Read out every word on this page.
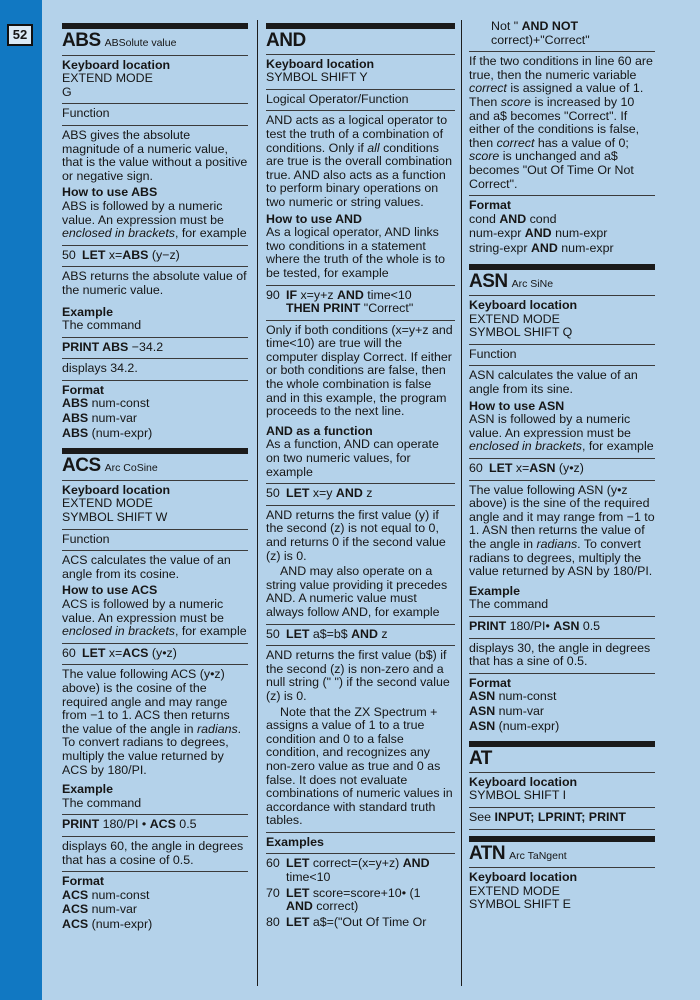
52	ABS ABSolute value
Keyboard location

EXTEND MODE
G

Function

ABS gives the absolute magnitude of a numeric value, that is the value without a positive or negative sign.

How to use ABS

ABS is followed by a numeric value. An expression must be enclosed in brackets, for example

50 LET x=ABS (y−z)

ABS returns the absolute value of the numeric value.

Example

The command

PRINT ABS −34.2

displays 34.2.

Format

ABS num-const

ABS num-var

ABS (num-expr)

ACS Arc CoSine
Keyboard location

EXTEND MODE
SYMBOL SHIFT W

Function

ACS calculates the value of an angle from its cosine.

How to use ACS

ACS is followed by a numeric value. An expression must be enclosed in brackets, for example

60 LET x=ACS (y•z)

The value following ACS (y•z) above) is the cosine of the required angle and may range from −1 to 1. ACS then returns the value of the angle in radians. To convert radians to degrees, multiply the value returned by ACS by 180/PI.

Example

The command

PRINT 180/PI • ACS 0.5

displays 60, the angle in degrees that has a cosine of 0.5.

Format

ACS num-const

ACS num-var

ACS (num-expr)

AND
Keyboard location

SYMBOL SHIFT Y

Logical Operator/Function

AND acts as a logical operator to test the truth of a combination of conditions. Only if all conditions are true is the overall combination true. AND also acts as a function to perform binary operations on two numeric or string values.

How to use AND

As a logical operator, AND links two conditions in a statement where the truth of the whole is to be tested, for example

90 IF x=y+z AND time<10
THEN PRINT "Correct"

Only if both conditions (x=y+z and time<10) are true will the computer display Correct. If either or both conditions are false, then the whole combination is false and in this example, the program proceeds to the next line.

AND as a function

As a function, AND can operate on two numeric values, for example

50 LET x=y AND z

AND returns the first value (y) if the second (z) is not equal to 0, and returns 0 if the second value (z) is 0.

AND may also operate on a string value providing it precedes AND. A numeric value must always follow AND, for example

50 LET a$=b$ AND z

AND returns the first value (b$) if the second (z) is non-zero and a null string (" ") if the second value (z) is 0.

Note that the ZX Spectrum + assigns a value of 1 to a true condition and 0 to a false condition, and recognizes any non-zero value as true and 0 as false. It does not evaluate combinations of numeric values in accordance with standard truth tables.

Examples

60 LET correct=(x=y+z) AND
time<10

70 LET score=score+10• (1
AND correct)

80 LET a$=("Out Of Time Or

Not " AND NOT
correct)+"Correct"

If the two conditions in line 60 are true, then the numeric variable correct is assigned a value of 1. Then score is increased by 10 and a$ becomes "Correct". If either of the conditions is false, then correct has a value of 0; score is unchanged and a$ becomes "Out Of Time Or Not Correct".

Format

cond AND cond

num-expr AND num-expr

string-expr AND num-expr

ASN Arc SiNe
Keyboard location

EXTEND MODE
SYMBOL SHIFT Q

Function

ASN calculates the value of an angle from its sine.

How to use ASN

ASN is followed by a numeric value. An expression must be enclosed in brackets, for example

60 LET x=ASN (y•z)

The value following ASN (y•z above) is the sine of the required angle and it may range from −1 to 1. ASN then returns the value of the angle in radians. To convert radians to degrees, multiply the value returned by ASN by 180/PI.

Example

The command

PRINT 180/PI• ASN 0.5

displays 30, the angle in degrees that has a sine of 0.5.

Format

ASN num-const

ASN num-var

ASN (num-expr)

AT
Keyboard location

SYMBOL SHIFT I

See INPUT; LPRINT; PRINT

ATN Arc TaNgent
Keyboard location

EXTEND MODE
SYMBOL SHIFT E
